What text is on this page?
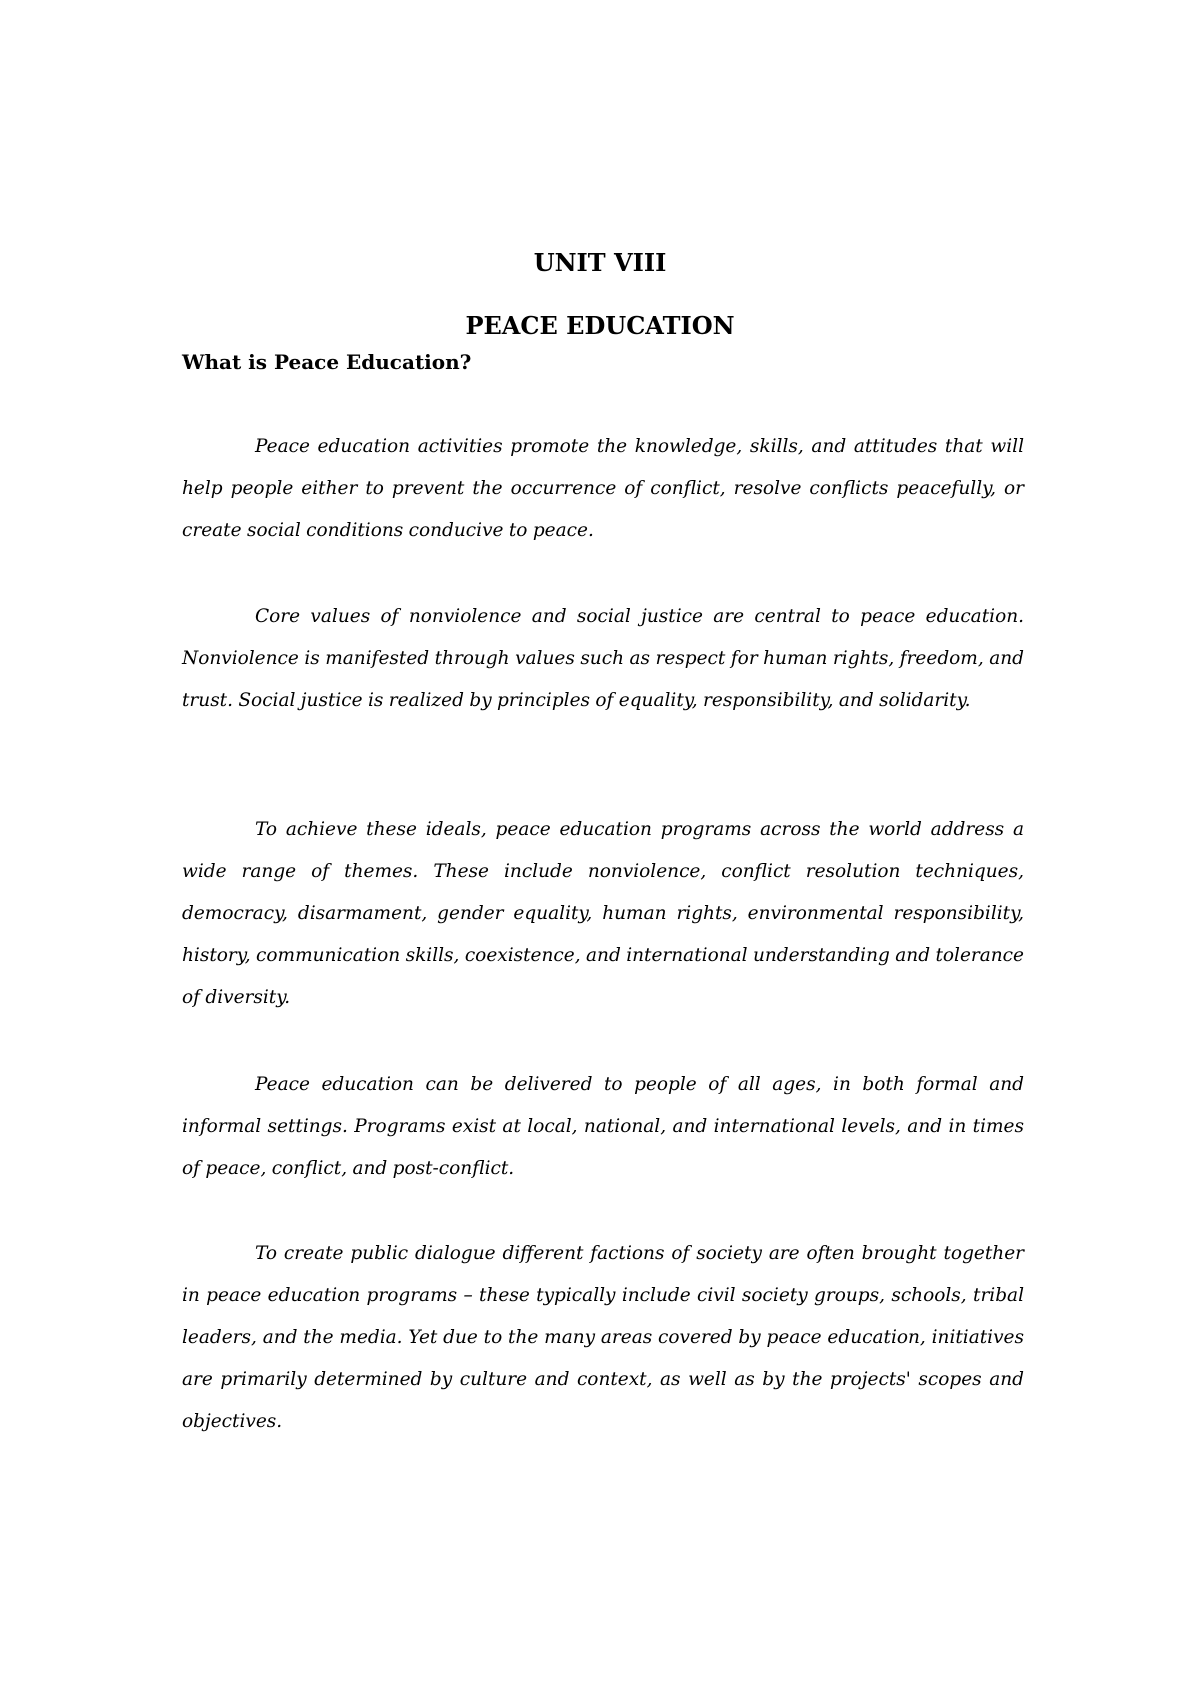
UNIT VIII
PEACE EDUCATION
What is Peace Education?

Peace education activities promote the knowledge, skills, and attitudes that will help people either to prevent the occurrence of conflict, resolve conflicts peacefully, or create social conditions conducive to peace.

Core values of nonviolence and social justice are central to peace education. Nonviolence is manifested through values such as respect for human rights, freedom, and trust. Social justice is realized by principles of equality, responsibility, and solidarity.

To achieve these ideals, peace education programs across the world address a wide range of themes. These include nonviolence, conflict resolution techniques, democracy, disarmament, gender equality, human rights, environmental responsibility, history, communication skills, coexistence, and international understanding and tolerance of diversity.

Peace education can be delivered to people of all ages, in both formal and informal settings. Programs exist at local, national, and international levels, and in times of peace, conflict, and post-conflict.

To create public dialogue different factions of society are often brought together in peace education programs – these typically include civil society groups, schools, tribal leaders, and the media. Yet due to the many areas covered by peace education, initiatives are primarily determined by culture and context, as well as by the projects' scopes and objectives.
